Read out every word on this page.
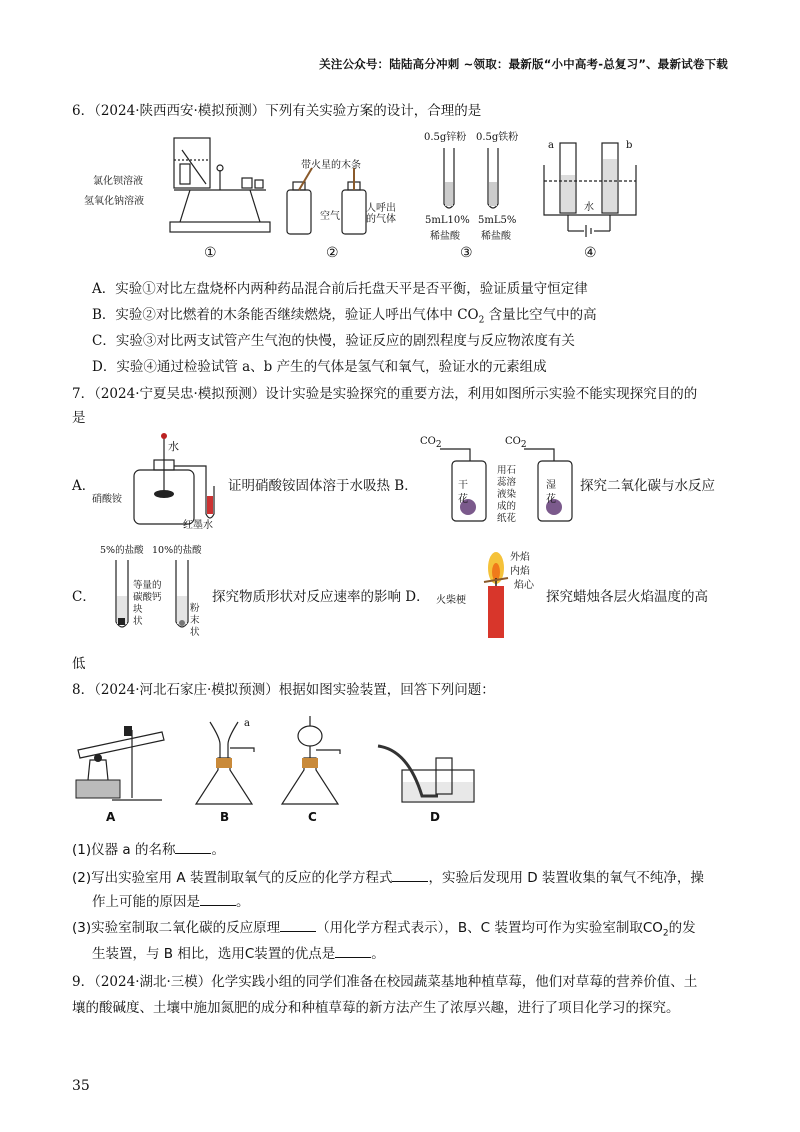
关注公众号：陆陆高分冲刺 ~领取：最新版“小中高考-总复习”、最新试卷下载
6．（2024·陕西西安·模拟预测）下列有关实验方案的设计，合理的是
氯化钡溶液
氢氧化钠溶液
①
带火星的木条
空气
人呼出的气体
②
0.5g锌粉 0.5g铁粉
5mL10%
稀盐酸
5mL5%
稀盐酸
③
a	b
水
④
A．实验①对比左盘烧杯内两种药品混合前后托盘天平是否平衡，验证质量守恒定律
B．实验②对比燃着的木条能否继续燃烧，验证人呼出气体中 $CO_2$ 含量比空气中的高
C．实验③对比两支试管产生气泡的快慢，验证反应的剧烈程度与反应物浓度有关
D．实验④通过检验试管 a、b 产生的气体是氢气和氧气，验证水的元素组成
7．（2024·宁夏吴忠·模拟预测）设计实验是实验探究的重要方法，利用如图所示实验不能实现探究目的的
是
A．
水
硝酸铵
红墨水
证明硝酸铵固体溶于水吸热 B．
CO2	CO2
干
花
用石
蕊溶
液染
成的
纸花
湿
花
探究二氧化碳与水反应
C．
5%的盐酸 10%的盐酸
等量的
碳酸钙
块
状
粉
末
状
探究物质形状对反应速率的影响 D．
外焰
内焰
焰心
火柴梗	探究蜡烛各层火焰温度的高
低
8．（2024·河北石家庄·模拟预测）根据如图实验装置，回答下列问题：
A
a
B	C	D
(1)仪器 a 的名称	。
(2)写出实验室用 A 装置制取氧气的反应的化学方程式	，实验后发现用 D 装置收集的氧气不纯净，操
作上可能的原因是	。
(3)实验室制取二氧化碳的反应原理	（用化学方程式表示），B、C 装置均可作为实验室制取$CO_2$的发
生装置，与 B 相比，选用C装置的优点是	。
9．（2024·湖北·三模）化学实践小组的同学们准备在校园蔬菜基地种植草莓，他们对草莓的营养价值、土
壤的酸碱度、土壤中施加氮肥的成分和种植草莓的新方法产生了浓厚兴趣，进行了项目化学习的探究。
35
